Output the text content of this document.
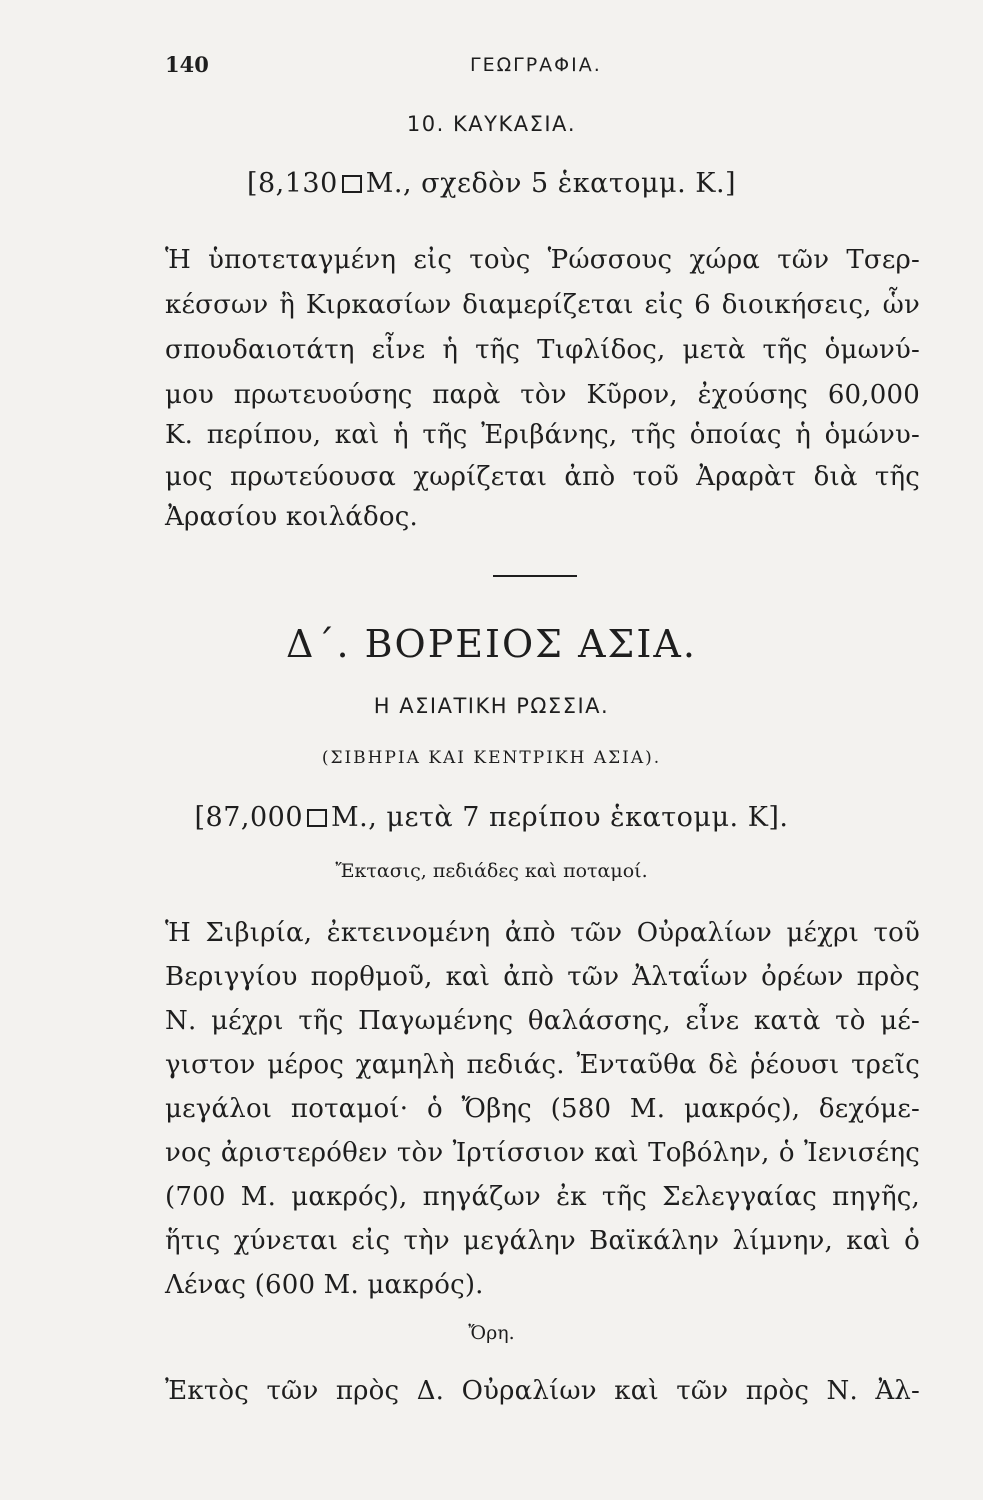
140	ΓΕΩΓΡΑΦΙΑ.
10. ΚΑΥΚΑΣΙΑ.
[8,130 Μ., σχεδὸν 5 ἑκατομμ. Κ.]
Ἡ ὑποτεταγμένη εἰς τοὺς Ῥώσσους χώρα τῶν Τσερ-
κέσσων ἢ Κιρκασίων διαμερίζεται εἰς 6 διοικήσεις, ὧν
σπουδαιοτάτη εἶνε ἡ τῆς Τιφλίδος, μετὰ τῆς ὁμωνύ-
μου πρωτευούσης παρὰ τὸν Κῦρον, ἐχούσης 60,000
Κ. περίπου, καὶ ἡ τῆς Ἐριβάνης, τῆς ὁποίας ἡ ὁμώνυ-
μος πρωτεύουσα χωρίζεται ἀπὸ τοῦ Ἀραρὰτ διὰ τῆς
Ἀρασίου κοιλάδος.
Δ΄. ΒΟΡΕΙΟΣ ΑΣΙΑ.
Η ΑΣΙΑΤΙΚΗ ΡΩΣΣΙΑ.
(ΣΙΒΗΡΙΑ ΚΑΙ ΚΕΝΤΡΙΚΗ ΑΣΙΑ).
[87,000 Μ., μετὰ 7 περίπου ἑκατομμ. Κ].
Ἔκτασις, πεδιάδες καὶ ποταμοί.
Ἡ Σιβιρία, ἐκτεινομένη ἀπὸ τῶν Οὐραλίων μέχρι τοῦ
Βεριγγίου πορθμοῦ, καὶ ἀπὸ τῶν Ἀλταΐων ὀρέων πρὸς
Ν. μέχρι τῆς Παγωμένης θαλάσσης, εἶνε κατὰ τὸ μέ-
γιστον μέρος χαμηλὴ πεδιάς. Ἐνταῦθα δὲ ῥέουσι τρεῖς
μεγάλοι ποταμοί· ὁ Ὄβης (580 Μ. μακρός), δεχόμε-
νος ἀριστερόθεν τὸν Ἰρτίσσιον καὶ Τοβόλην, ὁ Ἰενισέης
(700 Μ. μακρός), πηγάζων ἐκ τῆς Σελεγγαίας πηγῆς,
ἥτις χύνεται εἰς τὴν μεγάλην Βαϊκάλην λίμνην, καὶ ὁ
Λένας (600 Μ. μακρός).
Ὄρη.
Ἐκτὸς τῶν πρὸς Δ. Οὐραλίων καὶ τῶν πρὸς Ν. Ἀλ-
